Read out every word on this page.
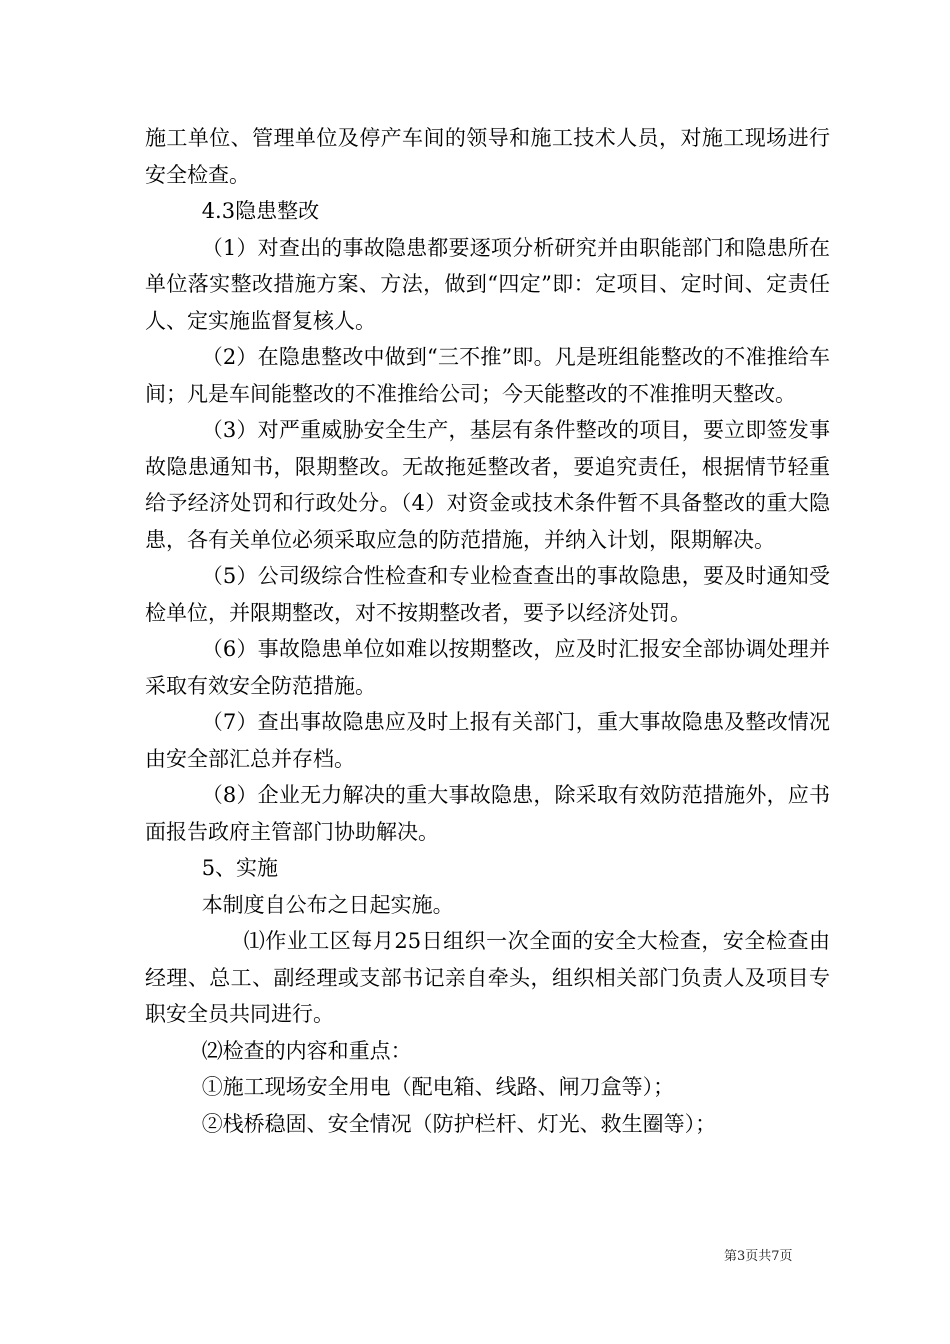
施工单位、管理单位及停产车间的领导和施工技术人员，对施工现场进行安全检查。

4.3隐患整改

（1）对查出的事故隐患都要逐项分析研究并由职能部门和隐患所在单位落实整改措施方案、方法，做到“四定”即：定项目、定时间、定责任人、定实施监督复核人。

（2）在隐患整改中做到“三不推”即。凡是班组能整改的不准推给车间；凡是车间能整改的不准推给公司；今天能整改的不准推明天整改。

（3）对严重威胁安全生产，基层有条件整改的项目，要立即签发事故隐患通知书，限期整改。无故拖延整改者，要追究责任，根据情节轻重给予经济处罚和行政处分。（4）对资金或技术条件暂不具备整改的重大隐患，各有关单位必须采取应急的防范措施，并纳入计划，限期解决。

（5）公司级综合性检查和专业检查查出的事故隐患，要及时通知受检单位，并限期整改，对不按期整改者，要予以经济处罚。

（6）事故隐患单位如难以按期整改，应及时汇报安全部协调处理并采取有效安全防范措施。

（7）查出事故隐患应及时上报有关部门，重大事故隐患及整改情况由安全部汇总并存档。

（8）企业无力解决的重大事故隐患，除采取有效防范措施外，应书面报告政府主管部门协助解决。

5、实施

本制度自公布之日起实施。

⑴作业工区每月25日组织一次全面的安全大检查，安全检查由经理、总工、副经理或支部书记亲自牵头，组织相关部门负责人及项目专职安全员共同进行。

⑵检查的内容和重点：

①施工现场安全用电（配电箱、线路、闸刀盒等）；

②栈桥稳固、安全情况（防护栏杆、灯光、救生圈等）；

第3页共7页
